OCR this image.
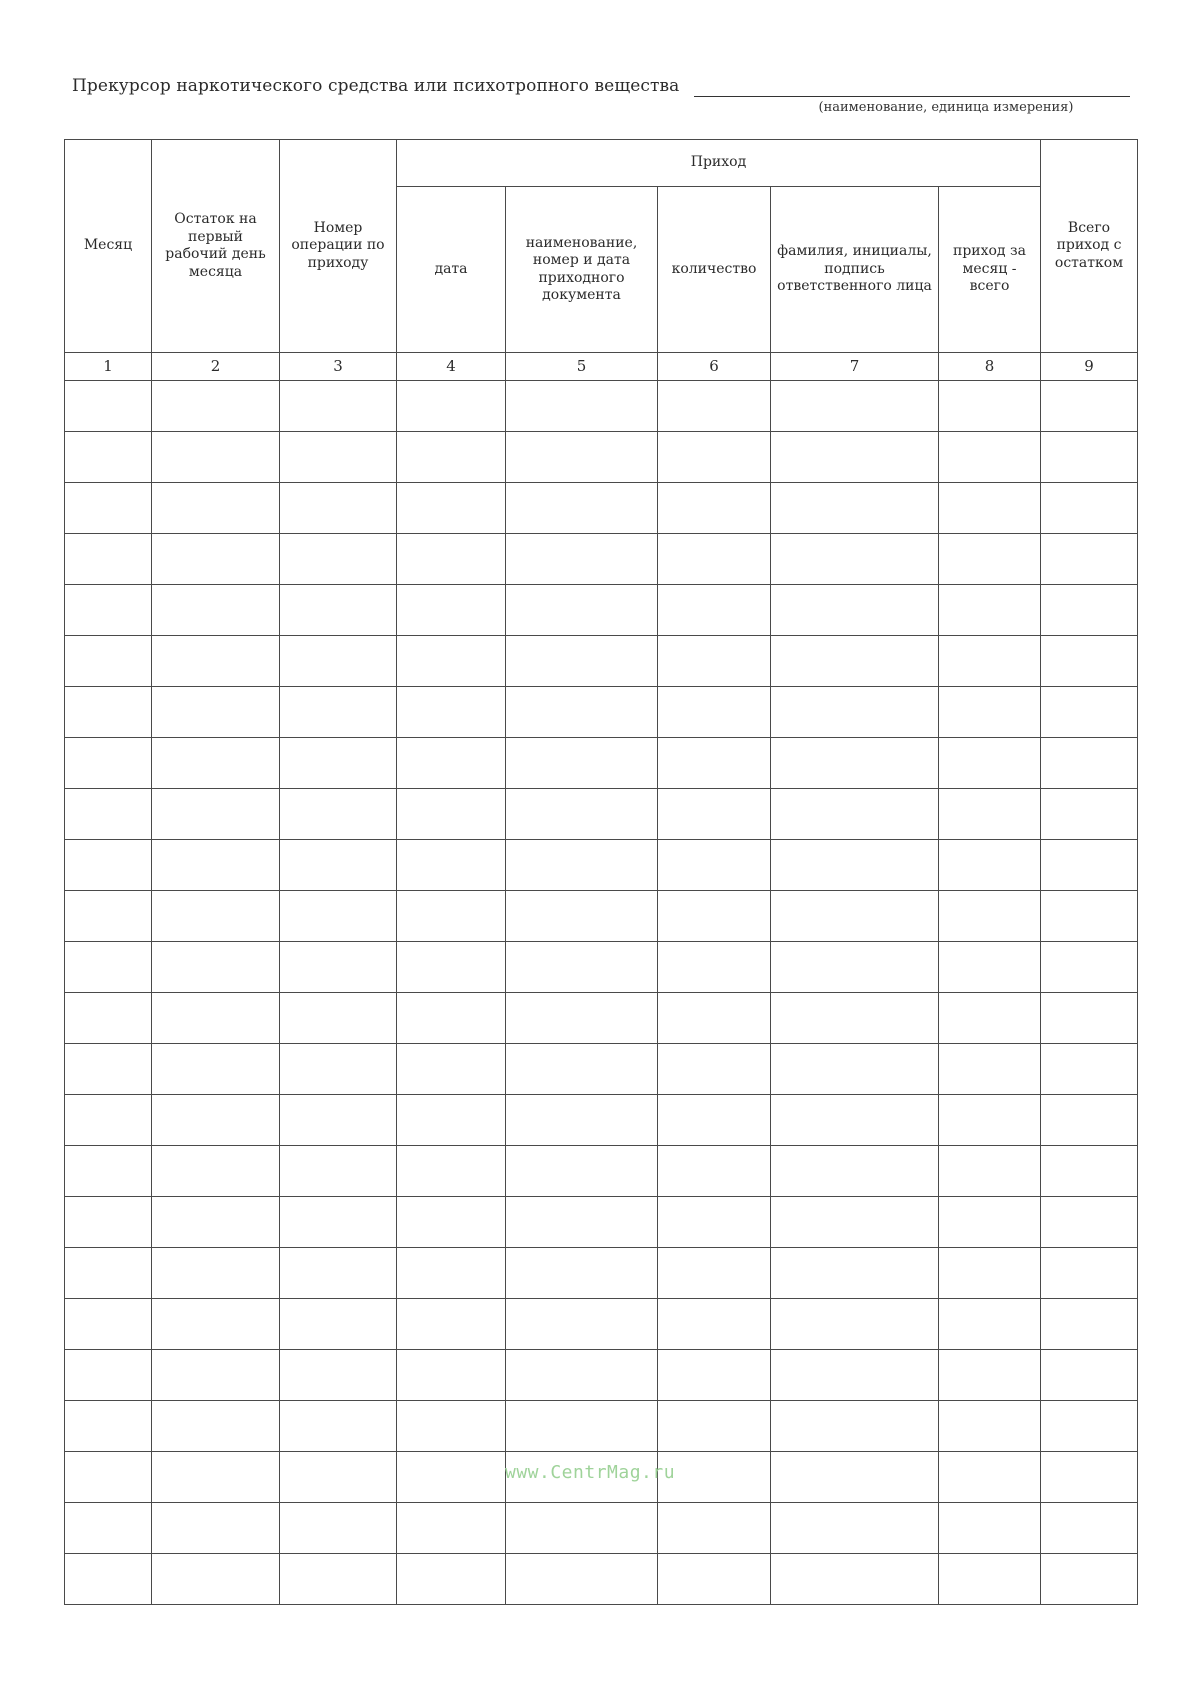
Прекурсор наркотического средства или психотропного вещества
(наименование, единица измерения)
Месяц	Остаток на первый рабочий день месяца	Номер операции по приходу	Приход					Всего приход с остатком
			дата	наименование, номер и дата приходного документа	количество	фамилия, инициалы, подпись ответственного лица	приход за месяц - всего	
1	2	3	4	5	6	7	8	9

www.CentrMag.ru
